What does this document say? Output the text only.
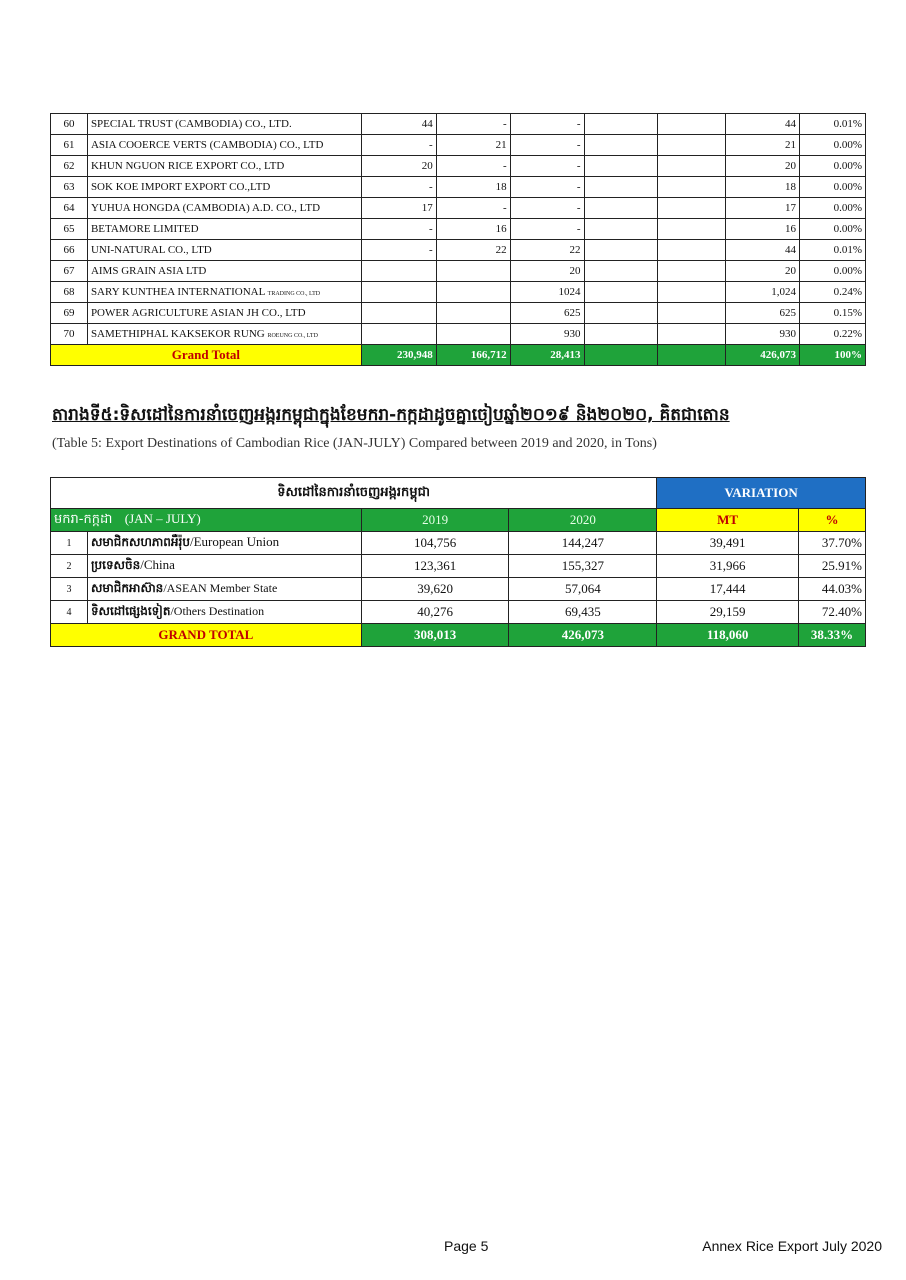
60	SPECIAL TRUST (CAMBODIA) CO., LTD.	44	-	-			44	0.01%
61	ASIA COOERCE VERTS (CAMBODIA) CO., LTD	-	21	-			21	0.00%
62	KHUN NGUON RICE EXPORT CO., LTD	20	-	-			20	0.00%
63	SOK KOE IMPORT EXPORT CO.,LTD	-	18	-			18	0.00%
64	YUHUA HONGDA (CAMBODIA) A.D. CO., LTD	17	-	-			17	0.00%
65	BETAMORE LIMITED	-	16	-			16	0.00%
66	UNI-NATURAL CO., LTD	-	22	22			44	0.01%
67	AIMS GRAIN ASIA LTD			20			20	0.00%
68	SARY KUNTHEA INTERNATIONAL TRADING CO., LTD			1024			1,024	0.24%
69	POWER AGRICULTURE ASIAN JH CO., LTD			625			625	0.15%
70	SAMETHIPHAL KAKSEKOR RUNG ROEUNG CO., LTD			930			930	0.22%
Grand Total		230,948	166,712	28,413			426,073	100%
តារាងទី៥:ទិសដៅនៃការនាំចេញអង្ករកម្ពុជាក្នុងខែមករា-កក្កដាដូចគ្នាចៀបឆ្នាំ២០១៩ និង២០២០, គិតជាតោន
(Table 5: Export Destinations of Cambodian Rice (JAN-JULY) Compared between 2019 and 2020, in Tons)
ទិសដៅនៃការនាំចេញអង្ករកម្ពុជា				VARIATION	
មករា-កក្កដា (JAN – JULY)		2019	2020	MT	%
1	សមាជិកសហភាពអឺរ៉ុប/European Union	104,756	144,247	39,491	37.70%
2	ប្រទេសចិន/China	123,361	155,327	31,966	25.91%
3	សមាជិកអាស៊ាន/ASEAN Member State	39,620	57,064	17,444	44.03%
4	ទិសដៅផ្សេងទៀត/Others Destination	40,276	69,435	29,159	72.40%
GRAND TOTAL		308,013	426,073	118,060	38.33%
Page 5	Annex Rice Export July 2020
